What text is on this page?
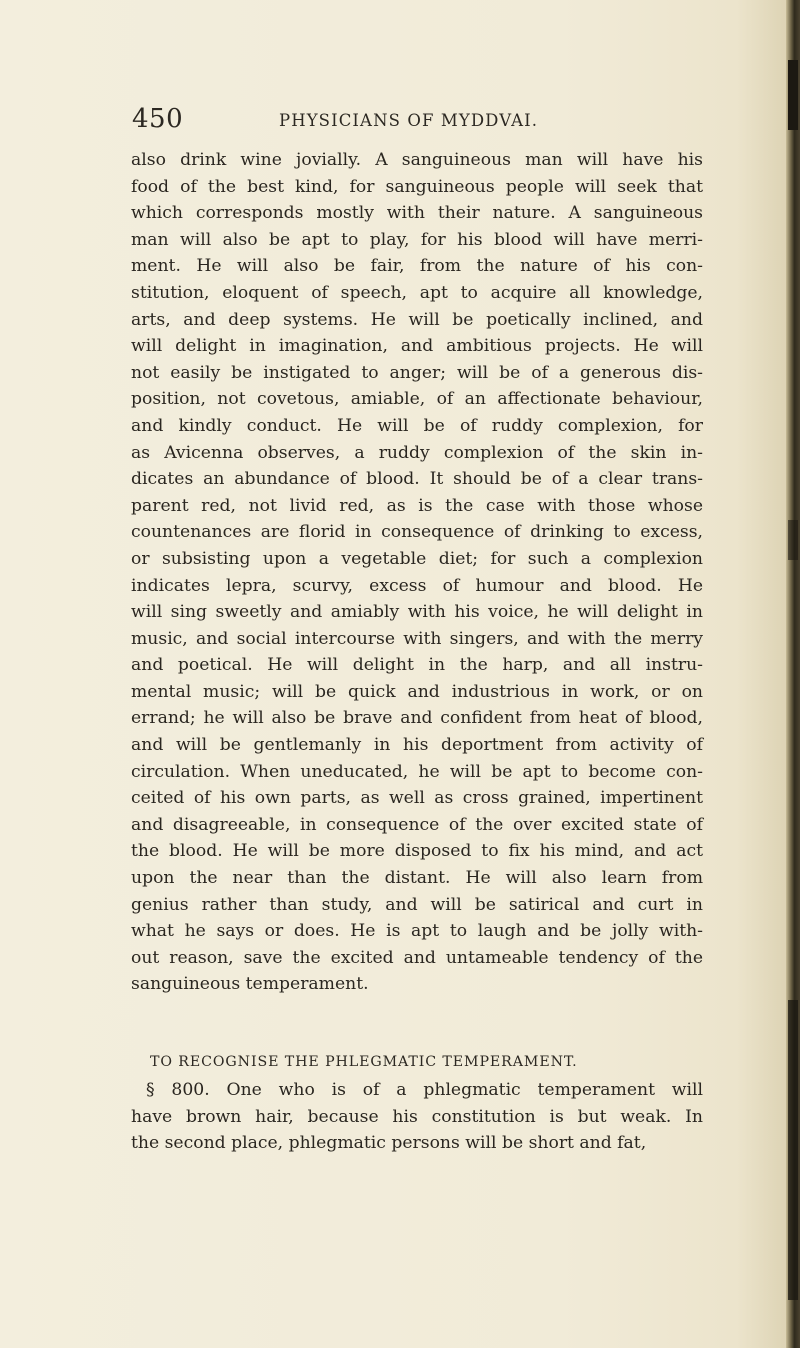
450	PHYSICIANS OF MYDDVAI.
also drink wine jovially. A sanguineous man will have his
food of the best kind, for sanguineous people will seek that
which corresponds mostly with their nature. A sanguineous
man will also be apt to play, for his blood will have merri-
ment. He will also be fair, from the nature of his con-
stitution, eloquent of speech, apt to acquire all knowledge,
arts, and deep systems. He will be poetically inclined, and
will delight in imagination, and ambitious projects. He will
not easily be instigated to anger; will be of a generous dis-
position, not covetous, amiable, of an affectionate behaviour,
and kindly conduct. He will be of ruddy complexion, for
as Avicenna observes, a ruddy complexion of the skin in-
dicates an abundance of blood. It should be of a clear trans-
parent red, not livid red, as is the case with those whose
countenances are florid in consequence of drinking to excess,
or subsisting upon a vegetable diet; for such a complexion
indicates lepra, scurvy, excess of humour and blood. He
will sing sweetly and amiably with his voice, he will delight in
music, and social intercourse with singers, and with the merry
and poetical. He will delight in the harp, and all instru-
mental music; will be quick and industrious in work, or on
errand; he will also be brave and confident from heat of blood,
and will be gentlemanly in his deportment from activity of
circulation. When uneducated, he will be apt to become con-
ceited of his own parts, as well as cross grained, impertinent
and disagreeable, in consequence of the over excited state of
the blood. He will be more disposed to fix his mind, and act
upon the near than the distant. He will also learn from
genius rather than study, and will be satirical and curt in
what he says or does. He is apt to laugh and be jolly with-
out reason, save the excited and untameable tendency of the
sanguineous temperament.
TO RECOGNISE THE PHLEGMATIC TEMPERAMENT.
§ 800. One who is of a phlegmatic temperament will
have brown hair, because his constitution is but weak. In
the second place, phlegmatic persons will be short and fat,
